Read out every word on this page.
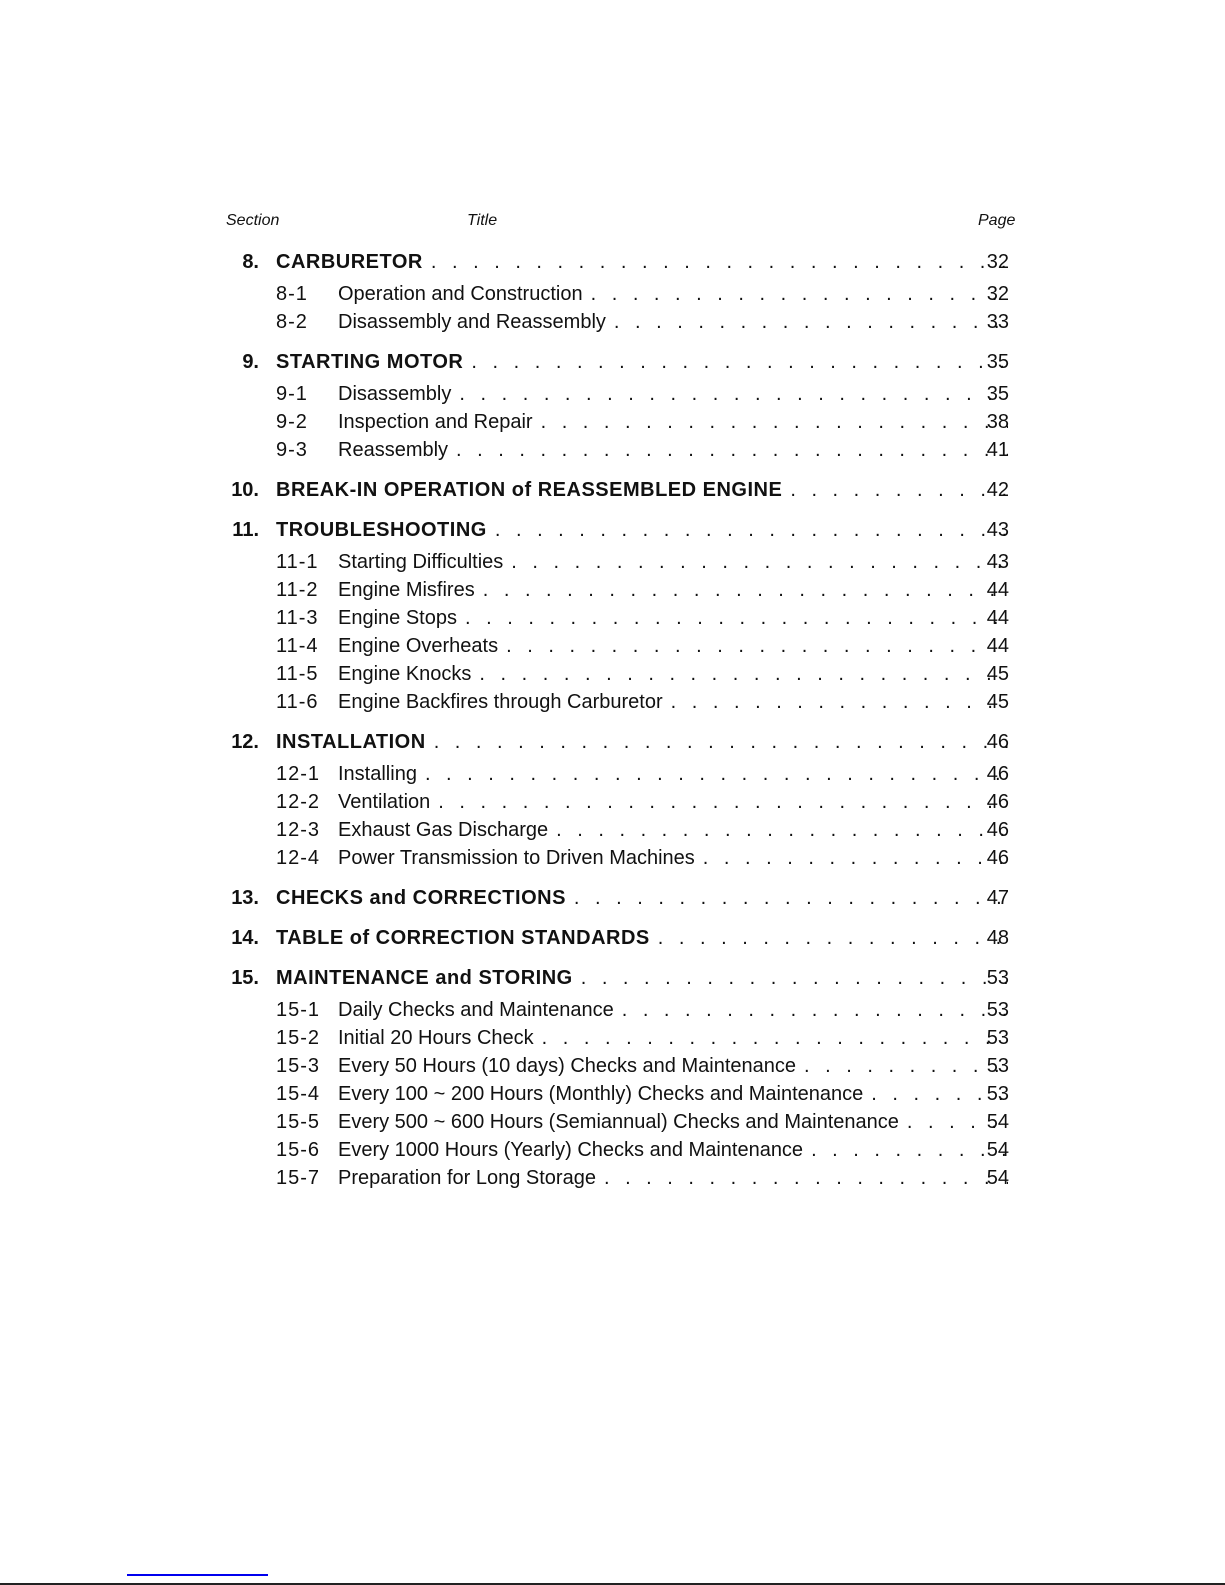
Section	Title	Page
8. CARBURETOR . . .	32
8-1 Operation and Construction . . .	32
8-2 Disassembly and Reassembly . . .	33
9. STARTING MOTOR . . .	35
9-1 Disassembly . . .	35
9-2 Inspection and Repair . . .	38
9-3 Reassembly . . .	41
10. BREAK-IN OPERATION of REASSEMBLED ENGINE . . .	42
11. TROUBLESHOOTING . . .	43
11-1 Starting Difficulties . . .	43
11-2 Engine Misfires . . .	44
11-3 Engine Stops . . .	44
11-4 Engine Overheats . . .	44
11-5 Engine Knocks . . .	45
11-6 Engine Backfires through Carburetor . . .	45
12. INSTALLATION . . .	46
12-1 Installing . . .	46
12-2 Ventilation . . .	46
12-3 Exhaust Gas Discharge . . .	46
12-4 Power Transmission to Driven Machines . . .	46
13. CHECKS and CORRECTIONS . . .	47
14. TABLE of CORRECTION STANDARDS . . .	48
15. MAINTENANCE and STORING . . .	53
15-1 Daily Checks and Maintenance . . .	53
15-2 Initial 20 Hours Check . . .	53
15-3 Every 50 Hours (10 days) Checks and Maintenance . . .	53
15-4 Every 100 ~ 200 Hours (Monthly) Checks and Maintenance . . .	53
15-5 Every 500 ~ 600 Hours (Semiannual) Checks and Maintenance . . .	54
15-6 Every 1000 Hours (Yearly) Checks and Maintenance . . .	54
15-7 Preparation for Long Storage . . .	54
